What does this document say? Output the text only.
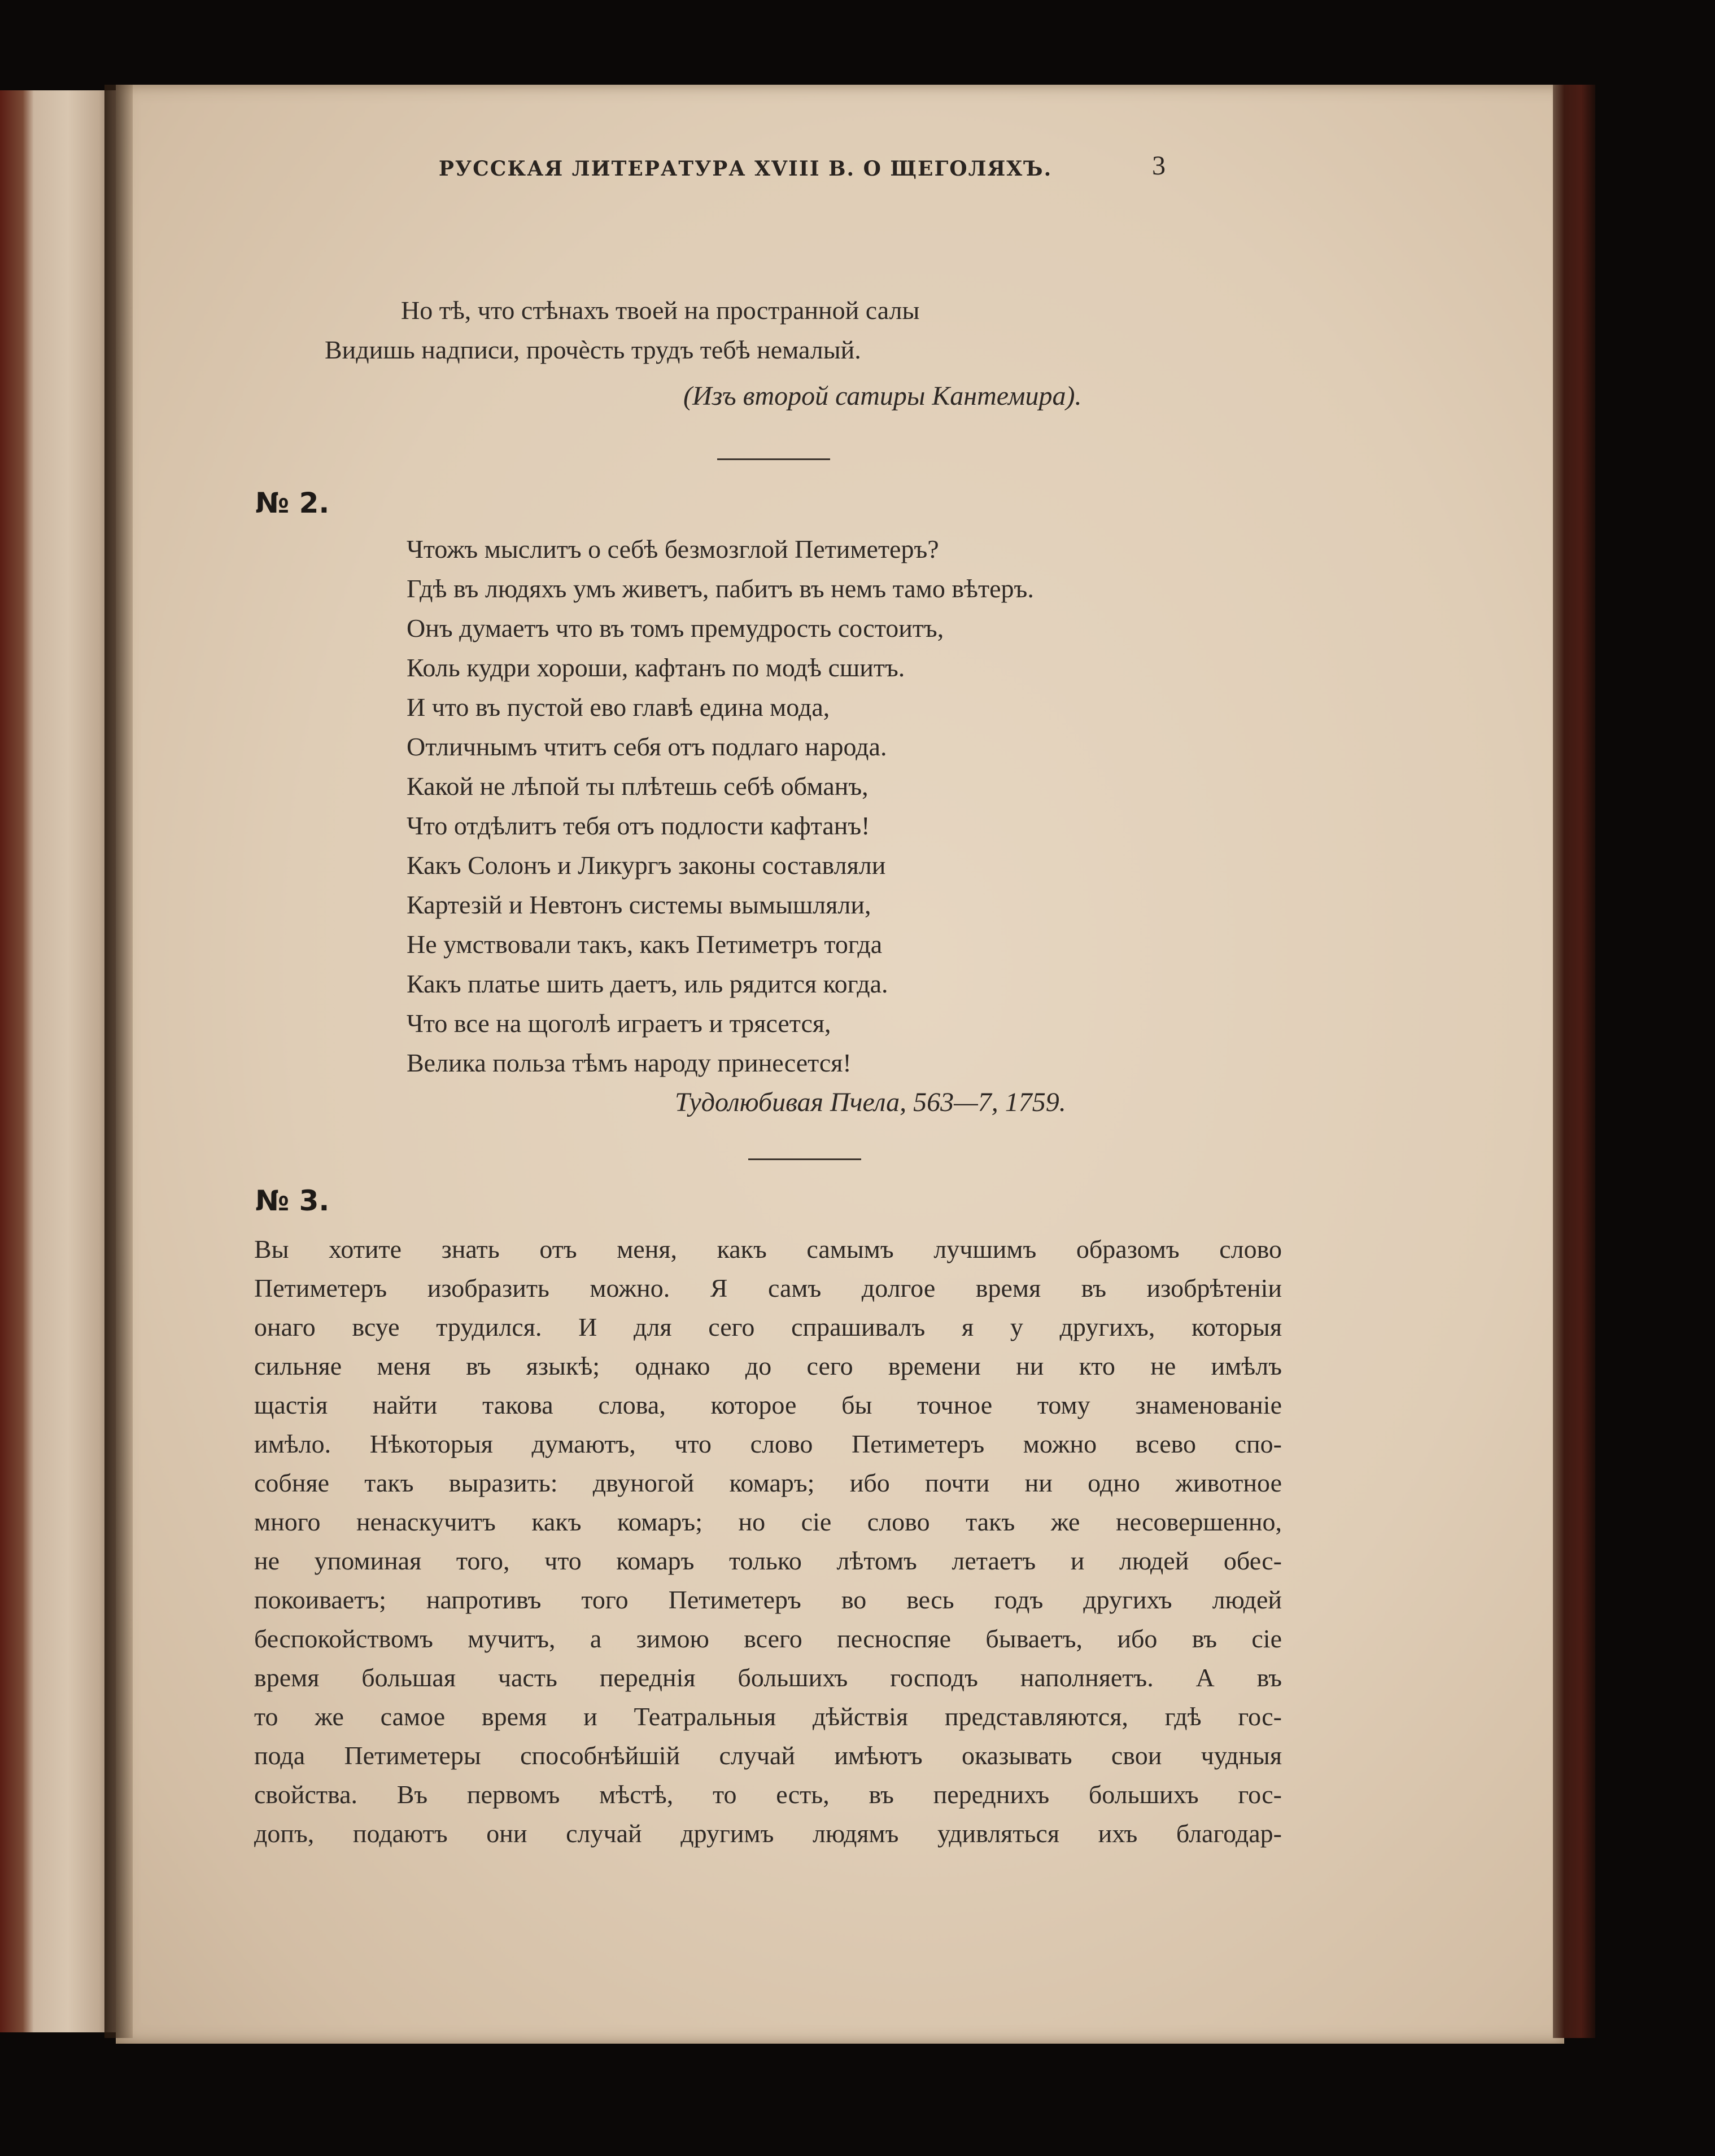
РУССКАЯ ЛИТЕРАТУРА XVIII В. О ЩЕГОЛЯХЪ.	3
Но тѣ, что стѣнахъ твоей на пространной салы
Видишь надписи, прочѐсть трудъ тебѣ немалый.
(Изъ второй сатиры Кантемира).
№ 2.
Чтожъ мыслитъ о себѣ безмозглой Петиметеръ?
Гдѣ въ людяхъ умъ живетъ, пабитъ въ немъ тамо вѣтеръ.
Онъ думаетъ что въ томъ премудрость состоитъ,
Коль кудри хороши, кафтанъ по модѣ сшитъ.
И что въ пустой ево главѣ едина мода,
Отличнымъ чтитъ себя отъ подлаго народа.
Какой не лѣпой ты плѣтешь себѣ обманъ,
Что отдѣлитъ тебя отъ подлости кафтанъ!
Какъ Солонъ и Ликургъ законы составляли
Картезій и Невтонъ системы вымышляли,
Не умствовали такъ, какъ Петиметръ тогда
Какъ платье шить даетъ, иль рядится когда.
Что все на щоголѣ играетъ и трясется,
Велика польза тѣмъ народу принесется!
Тудолюбивая Пчела, 563—7, 1759.
№ 3.
Вы хотите знать отъ меня, какъ самымъ лучшимъ образомъ слово
Петиметеръ изобразить можно. Я самъ долгое время въ изобрѣтеніи
онаго всуе трудился. И для сего спрашивалъ я у другихъ, которыя
сильняе меня въ языкѣ; однако до сего времени ни кто не имѣлъ
щастія найти такова слова, которое бы точное тому знаменованіе
имѣло. Нѣкоторыя думаютъ, что слово Петиметеръ можно всево спо-
собняе такъ выразить: двуногой комаръ; ибо почти ни одно животное
много ненаскучитъ какъ комаръ; но сіе слово такъ же несовершенно,
не упоминая того, что комаръ только лѣтомъ летаетъ и людей обес-
покоиваетъ; напротивъ того Петиметеръ во весь годъ другихъ людей
беспокойствомъ мучитъ, а зимою всего песноспяе бываетъ, ибо въ сіе
время большая часть переднія большихъ господъ наполняетъ. А въ
то же самое время и Театральныя дѣйствія представляются, гдѣ гос-
пода Петиметеры способнѣйшій случай имѣютъ оказывать свои чудныя
свойства. Въ первомъ мѣстѣ, то есть, въ переднихъ большихъ гос-
допъ, подаютъ они случай другимъ людямъ удивляться ихъ благодар-
